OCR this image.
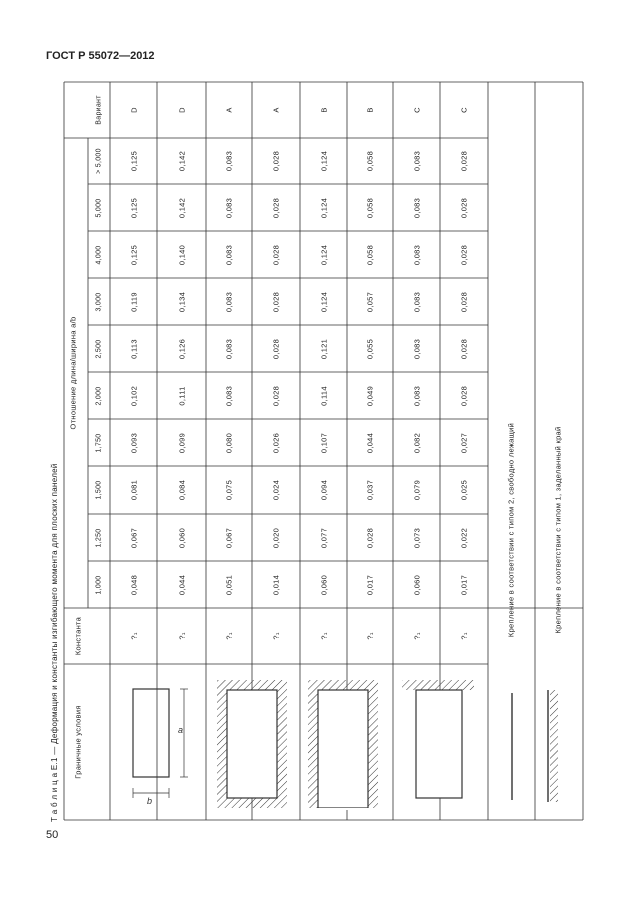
ГОСТ Р 55072—2012
50
Т а б л и ц а Е.1 — Деформация и константы изгибающего момента для плоских панелей	a
b
Граничные условия
Константа
Отношение длина/ширина a/b
Вариант
1,000
1,250
1,500
1,750
2,000
2,500
3,000
4,000
5,000
> 5,000
?₁
0,048
0,067
0,081
0,093
0,102
0,113
0,119
0,125
0,125
0,125
D
?₁
0,044
0,060
0,084
0,099
0,111
0,126
0,134
0,140
0,142
0,142
D
?₁
0,051
0,067
0,075
0,080
0,083
0,083
0,083
0,083
0,083
0,083
A
?₁
0,014
0,020
0,024
0,026
0,028
0,028
0,028
0,028
0,028
0,028
A
?₁
0,060
0,077
0,094
0,107
0,114
0,121
0,124
0,124
0,124
0,124
B
?₁
0,017
0,028
0,037
0,044
0,049
0,055
0,057
0,058
0,058
0,058
B
?₁
0,060
0,073
0,079
0,082
0,083
0,083
0,083
0,083
0,083
0,083
C
?₁
0,017
0,022
0,025
0,027
0,028
0,028
0,028
0,028
0,028
0,028
C
Крепление в соответствии с типом 2, свободно лежащий	Крепление в соответствии с типом 1, заделанный край
